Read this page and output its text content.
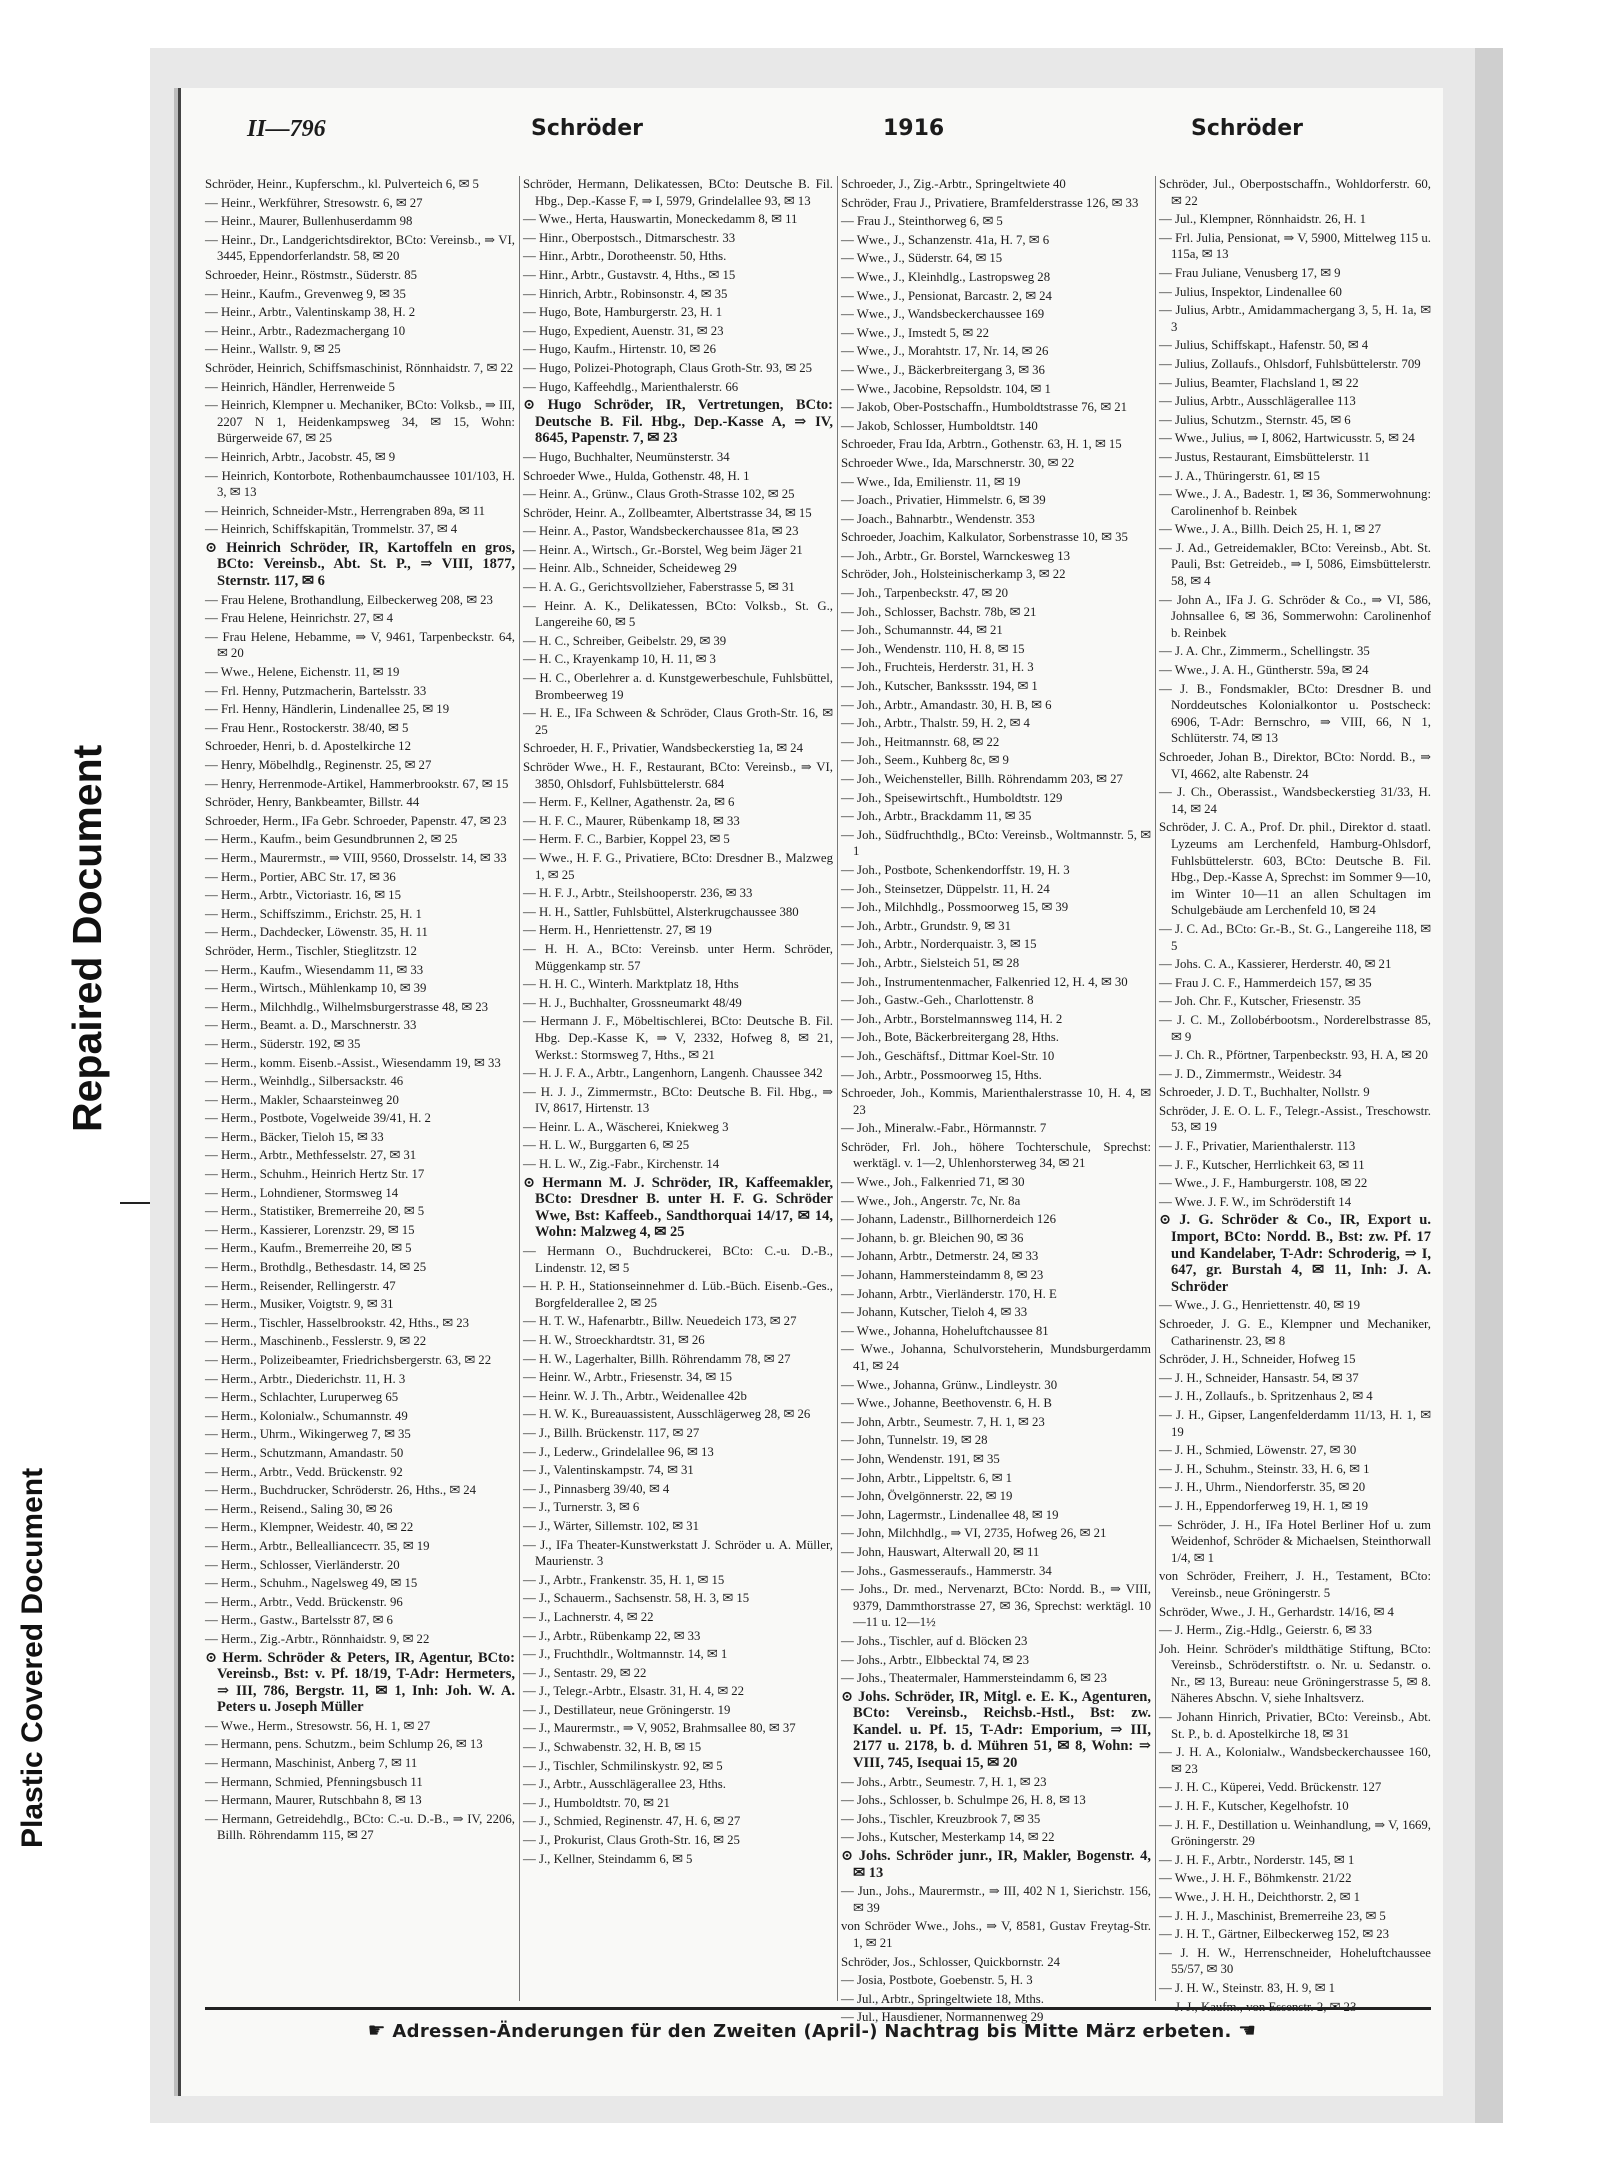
Plastic Covered Document
Repaired Document
II—796	Schröder	1916	Schröder
Schröder, Heinr., Kupferschm., kl. Pulverteich 6, ✉ 5
— Heinr., Werkführer, Stresowstr. 6, ✉ 27
— Heinr., Maurer, Bullenhuserdamm 98
— Heinr., Dr., Landgerichtsdirektor, BCto: Vereinsb., ⇒ VI, 3445, Eppendorferlandstr. 58, ✉ 20
Schroeder, Heinr., Röstmstr., Süderstr. 85
— Heinr., Kaufm., Grevenweg 9, ✉ 35
— Heinr., Arbtr., Valentinskamp 38, H. 2
— Heinr., Arbtr., Radezmachergang 10
— Heinr., Wallstr. 9, ✉ 25
Schröder, Heinrich, Schiffsmaschinist, Rönnhaidstr. 7, ✉ 22
— Heinrich, Händler, Herrenweide 5
— Heinrich, Klempner u. Mechaniker, BCto: Volksb., ⇒ III, 2207 N 1, Heidenkampsweg 34, ✉ 15, Wohn: Bürgerweide 67, ✉ 25
— Heinrich, Arbtr., Jacobstr. 45, ✉ 9
— Heinrich, Kontorbote, Rothenbaumchaussee 101/103, H. 3, ✉ 13
— Heinrich, Schneider-Mstr., Herrengraben 89a, ✉ 11
— Heinrich, Schiffskapitän, Trommelstr. 37, ✉ 4
⊙ Heinrich Schröder, IR, Kartoffeln en gros, BCto: Vereinsb., Abt. St. P., ⇒ VIII, 1877, Sternstr. 117, ✉ 6
— Frau Helene, Brothandlung, Eilbeckerweg 208, ✉ 23
— Frau Helene, Heinrichstr. 27, ✉ 4
— Frau Helene, Hebamme, ⇒ V, 9461, Tarpenbeckstr. 64, ✉ 20
— Wwe., Helene, Eichenstr. 11, ✉ 19
— Frl. Henny, Putzmacherin, Bartelsstr. 33
— Frl. Henny, Händlerin, Lindenallee 25, ✉ 19
— Frau Henr., Rostockerstr. 38/40, ✉ 5
Schroeder, Henri, b. d. Apostelkirche 12
— Henry, Möbelhdlg., Reginenstr. 25, ✉ 27
— Henry, Herrenmode-Artikel, Hammerbrookstr. 67, ✉ 15
Schröder, Henry, Bankbeamter, Billstr. 44
Schroeder, Herm., IFa Gebr. Schroeder, Papenstr. 47, ✉ 23
— Herm., Kaufm., beim Gesundbrunnen 2, ✉ 25
— Herm., Maurermstr., ⇒ VIII, 9560, Drosselstr. 14, ✉ 33
— Herm., Portier, ABC Str. 17, ✉ 36
— Herm., Arbtr., Victoriastr. 16, ✉ 15
— Herm., Schiffszimm., Erichstr. 25, H. 1
— Herm., Dachdecker, Löwenstr. 35, H. 11
Schröder, Herm., Tischler, Stieglitzstr. 12
— Herm., Kaufm., Wiesendamm 11, ✉ 33
— Herm., Wirtsch., Mühlenkamp 10, ✉ 39
— Herm., Milchhdlg., Wilhelmsburgerstrasse 48, ✉ 23
— Herm., Beamt. a. D., Marschnerstr. 33
— Herm., Süderstr. 192, ✉ 35
— Herm., komm. Eisenb.-Assist., Wiesendamm 19, ✉ 33
— Herm., Weinhdlg., Silbersackstr. 46
— Herm., Makler, Schaarsteinweg 20
— Herm., Postbote, Vogelweide 39/41, H. 2
— Herm., Bäcker, Tieloh 15, ✉ 33
— Herm., Arbtr., Methfesselstr. 27, ✉ 31
— Herm., Schuhm., Heinrich Hertz Str. 17
— Herm., Lohndiener, Stormsweg 14
— Herm., Statistiker, Bremerreihe 20, ✉ 5
— Herm., Kassierer, Lorenzstr. 29, ✉ 15
— Herm., Kaufm., Bremerreihe 20, ✉ 5
— Herm., Brothdlg., Bethesdastr. 14, ✉ 25
— Herm., Reisender, Rellingerstr. 47
— Herm., Musiker, Voigtstr. 9, ✉ 31
— Herm., Tischler, Hasselbrookstr. 42, Hths., ✉ 23
— Herm., Maschinenb., Fesslerstr. 9, ✉ 22
— Herm., Polizeibeamter, Friedrichsbergerstr. 63, ✉ 22
— Herm., Arbtr., Diederichstr. 11, H. 3
— Herm., Schlachter, Luruperweg 65
— Herm., Kolonialw., Schumannstr. 49
— Herm., Uhrm., Wikingerweg 7, ✉ 35
— Herm., Schutzmann, Amandastr. 50
— Herm., Arbtr., Vedd. Brückenstr. 92
— Herm., Buchdrucker, Schröderstr. 26, Hths., ✉ 24
— Herm., Reisend., Saling 30, ✉ 26
— Herm., Klempner, Weidestr. 40, ✉ 22
— Herm., Arbtr., Belleallianceстr. 35, ✉ 19
— Herm., Schlosser, Vierländerstr. 20
— Herm., Schuhm., Nagelsweg 49, ✉ 15
— Herm., Arbtr., Vedd. Brückenstr. 96
— Herm., Gastw., Bartelsstr 87, ✉ 6
— Herm., Zig.-Arbtr., Rönnhaidstr. 9, ✉ 22
⊙ Herm. Schröder & Peters, IR, Agentur, BCto: Vereinsb., Bst: v. Pf. 18/19, T-Adr: Hermeters, ⇒ III, 786, Bergstr. 11, ✉ 1, Inh: Joh. W. A. Peters u. Joseph Müller
— Wwe., Herm., Stresowstr. 56, H. 1, ✉ 27
— Hermann, pens. Schutzm., beim Schlump 26, ✉ 13
— Hermann, Maschinist, Anberg 7, ✉ 11
— Hermann, Schmied, Pfenningsbusch 11
— Hermann, Maurer, Rutschbahn 8, ✉ 13
— Hermann, Getreidehdlg., BCto: C.-u. D.-B., ⇒ IV, 2206, Billh. Röhrendamm 115, ✉ 27
Schröder, Hermann, Delikatessen, BCto: Deutsche B. Fil. Hbg., Dep.-Kasse F, ⇒ I, 5979, Grindelallee 93, ✉ 13
— Wwe., Herta, Hauswartin, Moneckedamm 8, ✉ 11
— Hinr., Oberpostsch., Ditmarschestr. 33
— Hinr., Arbtr., Dorotheenstr. 50, Hths.
— Hinr., Arbtr., Gustavstr. 4, Hths., ✉ 15
— Hinrich, Arbtr., Robinsonstr. 4, ✉ 35
— Hugo, Bote, Hamburgerstr. 23, H. 1
— Hugo, Expedient, Auenstr. 31, ✉ 23
— Hugo, Kaufm., Hirtenstr. 10, ✉ 26
— Hugo, Polizei-Photograph, Claus Groth-Str. 93, ✉ 25
— Hugo, Kaffeehdlg., Marienthalerstr. 66
⊙ Hugo Schröder, IR, Vertretungen, BCto: Deutsche B. Fil. Hbg., Dep.-Kasse A, ⇒ IV, 8645, Papenstr. 7, ✉ 23
— Hugo, Buchhalter, Neumünsterstr. 34
Schroeder Wwe., Hulda, Gothenstr. 48, H. 1
— Heinr. A., Grünw., Claus Groth-Strasse 102, ✉ 25
Schröder, Heinr. A., Zollbeamter, Albertstrasse 34, ✉ 15
— Heinr. A., Pastor, Wandsbeckerchaussee 81a, ✉ 23
— Heinr. A., Wirtsch., Gr.-Borstel, Weg beim Jäger 21
— Heinr. Alb., Schneider, Scheideweg 29
— H. A. G., Gerichtsvollzieher, Faberstrasse 5, ✉ 31
— Heinr. A. K., Delikatessen, BCto: Volksb., St. G., Langereihe 60, ✉ 5
— H. C., Schreiber, Geibelstr. 29, ✉ 39
— H. C., Krayenkamp 10, H. 11, ✉ 3
— H. C., Oberlehrer a. d. Kunstgewerbeschule, Fuhlsbüttel, Brombeerweg 19
— H. E., IFa Schween & Schröder, Claus Groth-Str. 16, ✉ 25
Schroeder, H. F., Privatier, Wandsbeckerstieg 1a, ✉ 24
Schröder Wwe., H. F., Restaurant, BCto: Vereinsb., ⇒ VI, 3850, Ohlsdorf, Fuhlsbüttelerstr. 684
— Herm. F., Kellner, Agathenstr. 2a, ✉ 6
— H. F. C., Maurer, Rübenkamp 18, ✉ 33
— Herm. F. C., Barbier, Koppel 23, ✉ 5
— Wwe., H. F. G., Privatiere, BCto: Dresdner B., Malzweg 1, ✉ 25
— H. F. J., Arbtr., Steilshooperstr. 236, ✉ 33
— H. H., Sattler, Fuhlsbüttel, Alsterkrugchaussee 380
— Herm. H., Henriettenstr. 27, ✉ 19
— H. H. A., BCto: Vereinsb. unter Herm. Schröder, Müggenkamp str. 57
— H. H. C., Winterh. Marktplatz 18, Hths
— H. J., Buchhalter, Grossneumarkt 48/49
— Hermann J. F., Möbeltischlerei, BCto: Deutsche B. Fil. Hbg. Dep.-Kasse K, ⇒ V, 2332, Hofweg 8, ✉ 21, Werkst.: Stormsweg 7, Hths., ✉ 21
— H. J. F. A., Arbtr., Langenhorn, Langenh. Chaussee 342
— H. J. J., Zimmermstr., BCto: Deutsche B. Fil. Hbg., ⇒ IV, 8617, Hirtenstr. 13
— Heinr. L. A., Wäscherei, Kniekweg 3
— H. L. W., Burggarten 6, ✉ 25
— H. L. W., Zig.-Fabr., Kirchenstr. 14
⊙ Hermann M. J. Schröder, IR, Kaffeemakler, BCto: Dresdner B. unter H. F. G. Schröder Wwe, Bst: Kaffeeb., Sandthorquai 14/17, ✉ 14, Wohn: Malzweg 4, ✉ 25
— Hermann O., Buchdruckerei, BCto: C.-u. D.-B., Lindenstr. 12, ✉ 5
— H. P. H., Stationseinnehmer d. Lüb.-Büch. Eisenb.-Ges., Borgfelderallee 2, ✉ 25
— H. T. W., Hafenarbtr., Billw. Neuedeich 173, ✉ 27
— H. W., Stroeckhardtstr. 31, ✉ 26
— H. W., Lagerhalter, Billh. Röhrendamm 78, ✉ 27
— Heinr. W., Arbtr., Friesenstr. 34, ✉ 15
— Heinr. W. J. Th., Arbtr., Weidenallee 42b
— H. W. K., Bureauassistent, Ausschlägerweg 28, ✉ 26
— J., Billh. Brückenstr. 117, ✉ 27
— J., Lederw., Grindelallee 96, ✉ 13
— J., Valentinskampstr. 74, ✉ 31
— J., Pinnasberg 39/40, ✉ 4
— J., Turnerstr. 3, ✉ 6
— J., Wärter, Sillemstr. 102, ✉ 31
— J., IFa Theater-Kunstwerkstatt J. Schröder u. A. Müller, Maurienstr. 3
— J., Arbtr., Frankenstr. 35, H. 1, ✉ 15
— J., Schauerm., Sachsenstr. 58, H. 3, ✉ 15
— J., Lachnerstr. 4, ✉ 22
— J., Arbtr., Rübenkamp 22, ✉ 33
— J., Fruchthdlr., Woltmannstr. 14, ✉ 1
— J., Sentastr. 29, ✉ 22
— J., Telegr.-Arbtr., Elsastr. 31, H. 4, ✉ 22
— J., Destillateur, neue Gröningerstr. 19
— J., Maurermstr., ⇒ V, 9052, Brahmsallee 80, ✉ 37
— J., Schwabenstr. 32, H. B, ✉ 15
— J., Tischler, Schmilinskystr. 92, ✉ 5
— J., Arbtr., Ausschlägerallee 23, Hths.
— J., Humboldtstr. 70, ✉ 21
— J., Schmied, Reginenstr. 47, H. 6, ✉ 27
— J., Prokurist, Claus Groth-Str. 16, ✉ 25
— J., Kellner, Steindamm 6, ✉ 5
Schroeder, J., Zig.-Arbtr., Springeltwiete 40
Schröder, Frau J., Privatiere, Bramfelderstrasse 126, ✉ 33
— Frau J., Steinthorweg 6, ✉ 5
— Wwe., J., Schanzenstr. 41a, H. 7, ✉ 6
— Wwe., J., Süderstr. 64, ✉ 15
— Wwe., J., Kleinhdlg., Lastropsweg 28
— Wwe., J., Pensionat, Barcastr. 2, ✉ 24
— Wwe., J., Wandsbeckerchaussee 169
— Wwe., J., Imstedt 5, ✉ 22
— Wwe., J., Morahtstr. 17, Nr. 14, ✉ 26
— Wwe., J., Bäckerbreitergang 3, ✉ 36
— Wwe., Jacobine, Repsoldstr. 104, ✉ 1
— Jakob, Ober-Postschaffn., Humboldtstrasse 76, ✉ 21
— Jakob, Schlosser, Humboldtstr. 140
Schroeder, Frau Ida, Arbtrn., Gothenstr. 63, H. 1, ✉ 15
Schroeder Wwe., Ida, Marschnerstr. 30, ✉ 22
— Wwe., Ida, Emilienstr. 11, ✉ 19
— Joach., Privatier, Himmelstr. 6, ✉ 39
— Joach., Bahnarbtr., Wendenstr. 353
Schroeder, Joachim, Kalkulator, Sorbenstrasse 10, ✉ 35
— Joh., Arbtr., Gr. Borstel, Warnckesweg 13
Schröder, Joh., Holsteinischerkamp 3, ✉ 22
— Joh., Tarpenbeckstr. 47, ✉ 20
— Joh., Schlosser, Bachstr. 78b, ✉ 21
— Joh., Schumannstr. 44, ✉ 21
— Joh., Wendenstr. 110, H. 8, ✉ 15
— Joh., Fruchteis, Herderstr. 31, H. 3
— Joh., Kutscher, Bankssstr. 194, ✉ 1
— Joh., Arbtr., Amandastr. 30, H. B, ✉ 6
— Joh., Arbtr., Thalstr. 59, H. 2, ✉ 4
— Joh., Heitmannstr. 68, ✉ 22
— Joh., Seem., Kuhberg 8c, ✉ 9
— Joh., Weichensteller, Billh. Röhrendamm 203, ✉ 27
— Joh., Speisewirtschft., Humboldtstr. 129
— Joh., Arbtr., Brackdamm 11, ✉ 35
— Joh., Südfruchthdlg., BCto: Vereinsb., Woltmannstr. 5, ✉ 1
— Joh., Postbote, Schenkendorffstr. 19, H. 3
— Joh., Steinsetzer, Düppelstr. 11, H. 24
— Joh., Milchhdlg., Possmoorweg 15, ✉ 39
— Joh., Arbtr., Grundstr. 9, ✉ 31
— Joh., Arbtr., Norderquaistr. 3, ✉ 15
— Joh., Arbtr., Sielsteich 51, ✉ 28
— Joh., Instrumentenmacher, Falkenried 12, H. 4, ✉ 30
— Joh., Gastw.-Geh., Charlottenstr. 8
— Joh., Arbtr., Borstelmannsweg 114, H. 2
— Joh., Bote, Bäckerbreitergang 28, Hths.
— Joh., Geschäftsf., Dittmar Koel-Str. 10
— Joh., Arbtr., Possmoorweg 15, Hths.
Schroeder, Joh., Kommis, Marienthalerstrasse 10, H. 4, ✉ 23
— Joh., Mineralw.-Fabr., Hörmannstr. 7
Schröder, Frl. Joh., höhere Tochterschule, Sprechst: werktägl. v. 1—2, Uhlenhorsterweg 34, ✉ 21
— Wwe., Joh., Falkenried 71, ✉ 30
— Wwe., Joh., Angerstr. 7c, Nr. 8a
— Johann, Ladenstr., Billhornerdeich 126
— Johann, b. gr. Bleichen 90, ✉ 36
— Johann, Arbtr., Detmerstr. 24, ✉ 33
— Johann, Hammersteindamm 8, ✉ 23
— Johann, Arbtr., Vierländerstr. 170, H. E
— Johann, Kutscher, Tieloh 4, ✉ 33
— Wwe., Johanna, Hoheluftchaussee 81
— Wwe., Johanna, Schulvorsteherin, Mundsburgerdamm 41, ✉ 24
— Wwe., Johanna, Grünw., Lindleystr. 30
— Wwe., Johanne, Beethovenstr. 6, H. B
— John, Arbtr., Seumestr. 7, H. 1, ✉ 23
— John, Tunnelstr. 19, ✉ 28
— John, Wendenstr. 191, ✉ 35
— John, Arbtr., Lippeltstr. 6, ✉ 1
— John, Övelgönnerstr. 22, ✉ 19
— John, Lagermstr., Lindenallee 48, ✉ 19
— John, Milchhdlg., ⇒ VI, 2735, Hofweg 26, ✉ 21
— John, Hauswart, Alterwall 20, ✉ 11
— Johs., Gasmesseraufs., Hammerstr. 34
— Johs., Dr. med., Nervenarzt, BCto: Nordd. B., ⇒ VIII, 9379, Dammthorstrasse 27, ✉ 36, Sprechst: werktägl. 10—11 u. 12—1½
— Johs., Tischler, auf d. Blöcken 23
— Johs., Arbtr., Elbbecktal 74, ✉ 23
— Johs., Theatermaler, Hammersteindamm 6, ✉ 23
⊙ Johs. Schröder, IR, Mitgl. e. E. K., Agenturen, BCto: Vereinsb., Reichsb.-Hstl., Bst: zw. Kandel. u. Pf. 15, T-Adr: Emporium, ⇒ III, 2177 u. 2178, b. d. Mühren 51, ✉ 8, Wohn: ⇒ VIII, 745, Isequai 15, ✉ 20
— Johs., Arbtr., Seumestr. 7, H. 1, ✉ 23
— Johs., Schlosser, b. Schulmpe 26, H. 8, ✉ 13
— Johs., Tischler, Kreuzbrook 7, ✉ 35
— Johs., Kutscher, Mesterkamp 14, ✉ 22
⊙ Johs. Schröder junr., IR, Makler, Bogenstr. 4, ✉ 13
— Jun., Johs., Maurermstr., ⇒ III, 402 N 1, Sierichstr. 156, ✉ 39
von Schröder Wwe., Johs., ⇒ V, 8581, Gustav Freytag-Str. 1, ✉ 21
Schröder, Jos., Schlosser, Quickbornstr. 24
— Josia, Postbote, Goebenstr. 5, H. 3
— Jul., Arbtr., Springeltwiete 18, Mths.
— Jul., Hausdiener, Normannenweg 29
Schröder, Jul., Oberpostschaffn., Wohldorferstr. 60, ✉ 22
— Jul., Klempner, Rönnhaidstr. 26, H. 1
— Frl. Julia, Pensionat, ⇒ V, 5900, Mittelweg 115 u. 115a, ✉ 13
— Frau Juliane, Venusberg 17, ✉ 9
— Julius, Inspektor, Lindenallee 60
— Julius, Arbtr., Amidammachergang 3, 5, H. 1a, ✉ 3
— Julius, Schiffskapt., Hafenstr. 50, ✉ 4
— Julius, Zollaufs., Ohlsdorf, Fuhlsbüttelerstr. 709
— Julius, Beamter, Flachsland 1, ✉ 22
— Julius, Arbtr., Ausschlägerallee 113
— Julius, Schutzm., Sternstr. 45, ✉ 6
— Wwe., Julius, ⇒ I, 8062, Hartwicusstr. 5, ✉ 24
— Justus, Restaurant, Eimsbüttelerstr. 11
— J. A., Thüringerstr. 61, ✉ 15
— Wwe., J. A., Badestr. 1, ✉ 36, Sommerwohnung: Carolinenhof b. Reinbek
— Wwe., J. A., Billh. Deich 25, H. 1, ✉ 27
— J. Ad., Getreidemakler, BCto: Vereinsb., Abt. St. Pauli, Bst: Getreideb., ⇒ I, 5086, Eimsbüttelerstr. 58, ✉ 4
— John A., IFa J. G. Schröder & Co., ⇒ VI, 586, Johnsallee 6, ✉ 36, Sommerwohn: Carolinenhof b. Reinbek
— J. A. Chr., Zimmerm., Schellingstr. 35
— Wwe., J. A. H., Güntherstr. 59a, ✉ 24
— J. B., Fondsmakler, BCto: Dresdner B. und Norddeutsches Kolonialkontor u. Postscheck: 6906, T-Adr: Bernschro, ⇒ VIII, 66, N 1, Schlüterstr. 74, ✉ 13
Schroeder, Johan B., Direktor, BCto: Nordd. B., ⇒ VI, 4662, alte Rabenstr. 24
— J. Ch., Oberassist., Wandsbeckerstieg 31/33, H. 14, ✉ 24
Schröder, J. C. A., Prof. Dr. phil., Direktor d. staatl. Lyzeums am Lerchenfeld, Hamburg-Ohlsdorf, Fuhlsbüttelerstr. 603, BCto: Deutsche B. Fil. Hbg., Dep.-Kasse A, Sprechst: im Sommer 9—10, im Winter 10—11 an allen Schultagen im Schulgebäude am Lerchenfeld 10, ✉ 24
— J. C. Ad., BCto: Gr.-B., St. G., Langereihe 118, ✉ 5
— Johs. C. A., Kassierer, Herderstr. 40, ✉ 21
— Frau J. C. F., Hammerdeich 157, ✉ 35
— Joh. Chr. F., Kutscher, Friesenstr. 35
— J. C. M., Zollobérbootsm., Norderelbstrasse 85, ✉ 9
— J. Ch. R., Pförtner, Tarpenbeckstr. 93, H. A, ✉ 20
— J. D., Zimmermstr., Weidestr. 34
Schroeder, J. D. T., Buchhalter, Nollstr. 9
Schröder, J. E. O. L. F., Telegr.-Assist., Treschowstr. 53, ✉ 19
— J. F., Privatier, Marienthalerstr. 113
— J. F., Kutscher, Herrlichkeit 63, ✉ 11
— Wwe., J. F., Hamburgerstr. 108, ✉ 22
— Wwe. J. F. W., im Schröderstift 14
⊙ J. G. Schröder & Co., IR, Export u. Import, BCto: Nordd. B., Bst: zw. Pf. 17 und Kandelaber, T-Adr: Schroderig, ⇒ I, 647, gr. Burstah 4, ✉ 11, Inh: J. A. Schröder
— Wwe., J. G., Henriettenstr. 40, ✉ 19
Schroeder, J. G. E., Klempner und Mechaniker, Catharinenstr. 23, ✉ 8
Schröder, J. H., Schneider, Hofweg 15
— J. H., Schneider, Hansastr. 54, ✉ 37
— J. H., Zollaufs., b. Spritzenhaus 2, ✉ 4
— J. H., Gipser, Langenfelderdamm 11/13, H. 1, ✉ 19
— J. H., Schmied, Löwenstr. 27, ✉ 30
— J. H., Schuhm., Steinstr. 33, H. 6, ✉ 1
— J. H., Uhrm., Niendorferstr. 35, ✉ 20
— J. H., Eppendorferweg 19, H. 1, ✉ 19
— Schröder, J. H., IFa Hotel Berliner Hof u. zum Weidenhof, Schröder & Michaelsen, Steinthorwall 1/4, ✉ 1
von Schröder, Freiherr, J. H., Testament, BCto: Vereinsb., neue Gröningerstr. 5
Schröder, Wwe., J. H., Gerhardstr. 14/16, ✉ 4
— J. Herm., Zig.-Hdlg., Geierstr. 6, ✉ 33
Joh. Heinr. Schröder's mildthätige Stiftung, BCto: Vereinsb., Schröderstiftstr. o. Nr. u. Sedanstr. o. Nr., ✉ 13, Bureau: neue Gröningerstrasse 5, ✉ 8. Näheres Abschn. V, siehe Inhaltsverz.
— Johann Hinrich, Privatier, BCto: Vereinsb., Abt. St. P., b. d. Apostelkirche 18, ✉ 31
— J. H. A., Kolonialw., Wandsbeckerchaussee 160, ✉ 23
— J. H. C., Küperei, Vedd. Brückenstr. 127
— J. H. F., Kutscher, Kegelhofstr. 10
— J. H. F., Destillation u. Weinhandlung, ⇒ V, 1669, Gröningerstr. 29
— J. H. F., Arbtr., Norderstr. 145, ✉ 1
— Wwe., J. H. F., Böhmkenstr. 21/22
— Wwe., J. H. H., Deichthorstr. 2, ✉ 1
— J. H. J., Maschinist, Bremerreihe 23, ✉ 5
— J. H. T., Gärtner, Eilbeckerweg 152, ✉ 23
— J. H. W., Herrenschneider, Hoheluftchaussee 55/57, ✉ 30
— J. H. W., Steinstr. 83, H. 9, ✉ 1
☛ Adressen-Änderungen für den Zweiten (April-) Nachtrag bis Mitte März erbeten. ☚
